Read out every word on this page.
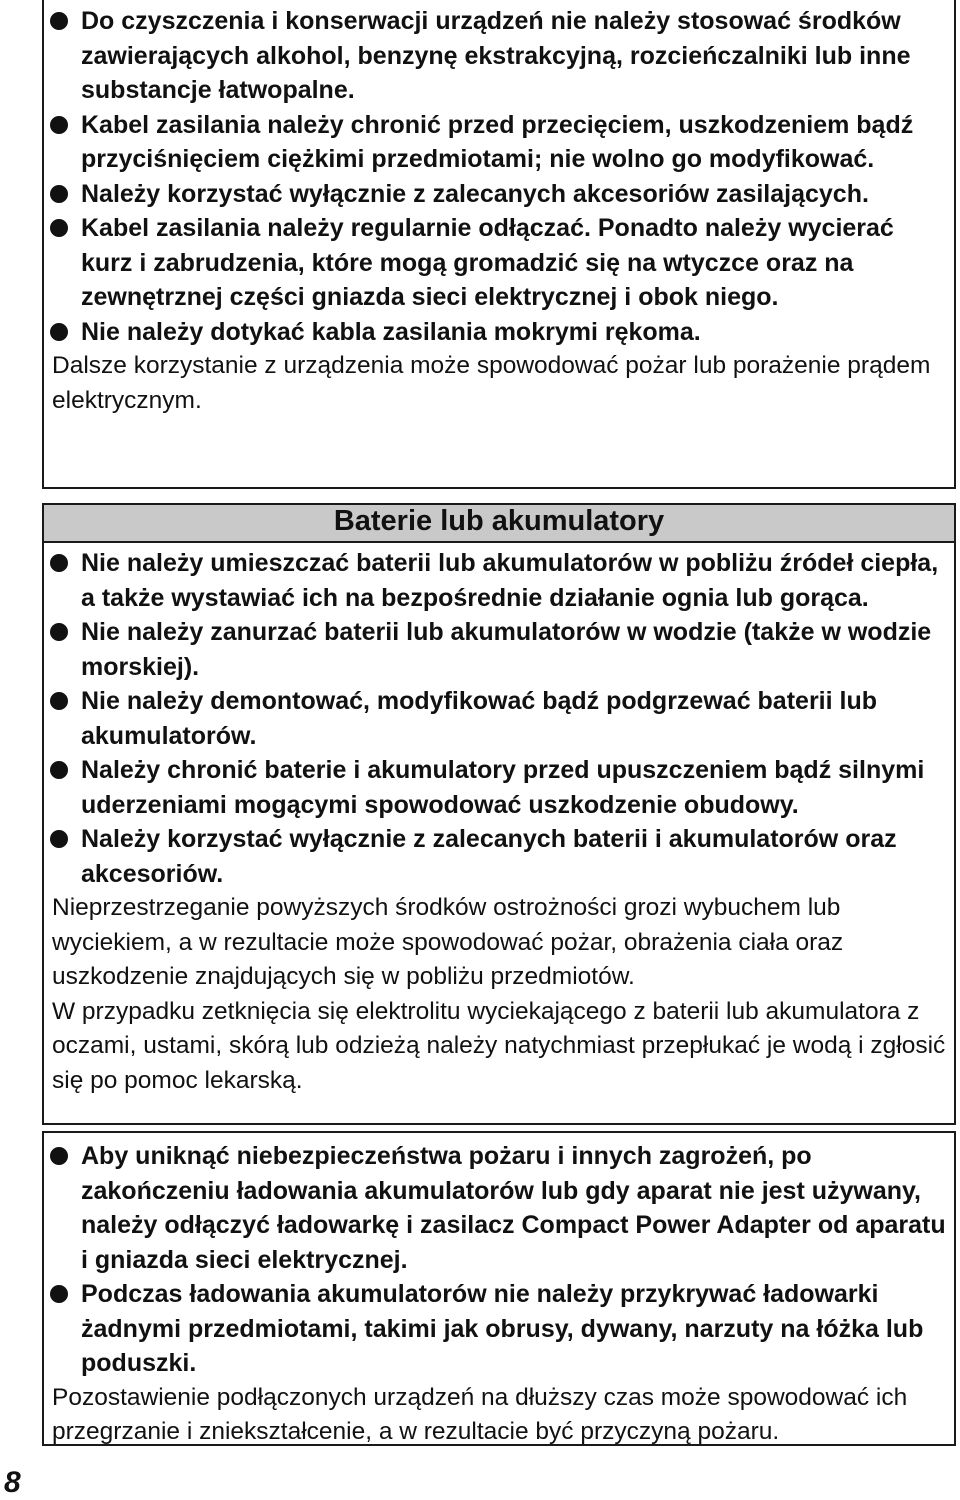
Do czyszczenia i konserwacji urządzeń nie należy stosować środków zawierających alkohol, benzynę ekstrakcyjną, rozcieńczalniki lub inne substancje łatwopalne.
Kabel zasilania należy chronić przed przecięciem, uszkodzeniem bądź przyciśnięciem ciężkimi przedmiotami; nie wolno go modyfikować.
Należy korzystać wyłącznie z zalecanych akcesoriów zasilających.
Kabel zasilania należy regularnie odłączać. Ponadto należy wycierać kurz i zabrudzenia, które mogą gromadzić się na wtyczce oraz na zewnętrznej części gniazda sieci elektrycznej i obok niego.
Nie należy dotykać kabla zasilania mokrymi rękoma.
Dalsze korzystanie z urządzenia może spowodować pożar lub porażenie prądem elektrycznym.
Baterie lub akumulatory
Nie należy umieszczać baterii lub akumulatorów w pobliżu źródeł ciepła, a także wystawiać ich na bezpośrednie działanie ognia lub gorąca.
Nie należy zanurzać baterii lub akumulatorów w wodzie (także w wodzie morskiej).
Nie należy demontować, modyfikować bądź podgrzewać baterii lub akumulatorów.
Należy chronić baterie i akumulatory przed upuszczeniem bądź silnymi uderzeniami mogącymi spowodować uszkodzenie obudowy.
Należy korzystać wyłącznie z zalecanych baterii i akumulatorów oraz akcesoriów.
Nieprzestrzeganie powyższych środków ostrożności grozi wybuchem lub wyciekiem, a w rezultacie może spowodować pożar, obrażenia ciała oraz uszkodzenie znajdujących się w pobliżu przedmiotów.
W przypadku zetknięcia się elektrolitu wyciekającego z baterii lub akumulatora z oczami, ustami, skórą lub odzieżą należy natychmiast przepłukać je wodą i zgłosić się po pomoc lekarską.
Aby uniknąć niebezpieczeństwa pożaru i innych zagrożeń, po zakończeniu ładowania akumulatorów lub gdy aparat nie jest używany, należy odłączyć ładowarkę i zasilacz Compact Power Adapter od aparatu i gniazda sieci elektrycznej.
Podczas ładowania akumulatorów nie należy przykrywać ładowarki żadnymi przedmiotami, takimi jak obrusy, dywany, narzuty na łóżka lub poduszki.
Pozostawienie podłączonych urządzeń na dłuższy czas może spowodować ich przegrzanie i zniekształcenie, a w rezultacie być przyczyną pożaru.
8
